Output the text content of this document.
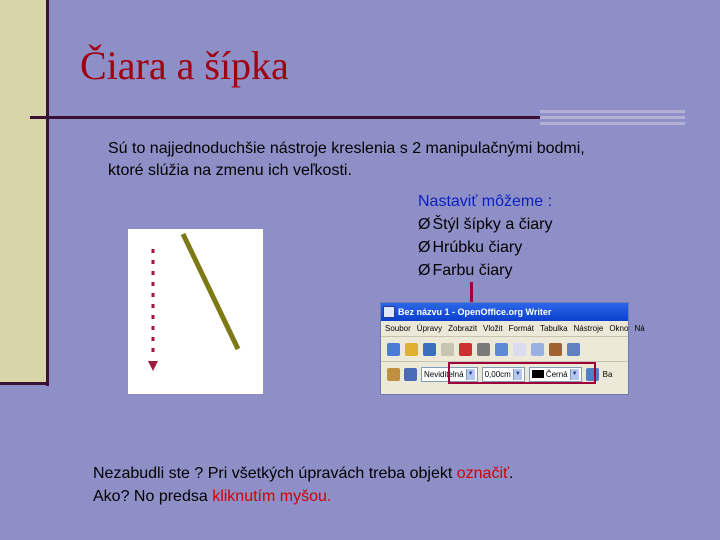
Čiara a šípka
Sú to najjednoduchšie nástroje kreslenia s 2 manipulačnými bodmi,
ktoré slúžia na zmenu ich veľkosti.
Nastaviť môžeme :
Ø Štýl šípky a čiary
Ø Hrúbku čiary
Ø Farbu čiary
Bez názvu 1 - OpenOffice.org Writer
Soubor Úpravy Zobrazit Vložit Formát Tabulka Nástroje Okno Ná
Neviditelná ▼ 0,00cm ▼	Černá ▼	Ba
Nezabudli ste ? Pri všetkých úpravách treba objekt označiť.
Ako? No predsa kliknutím myšou.
